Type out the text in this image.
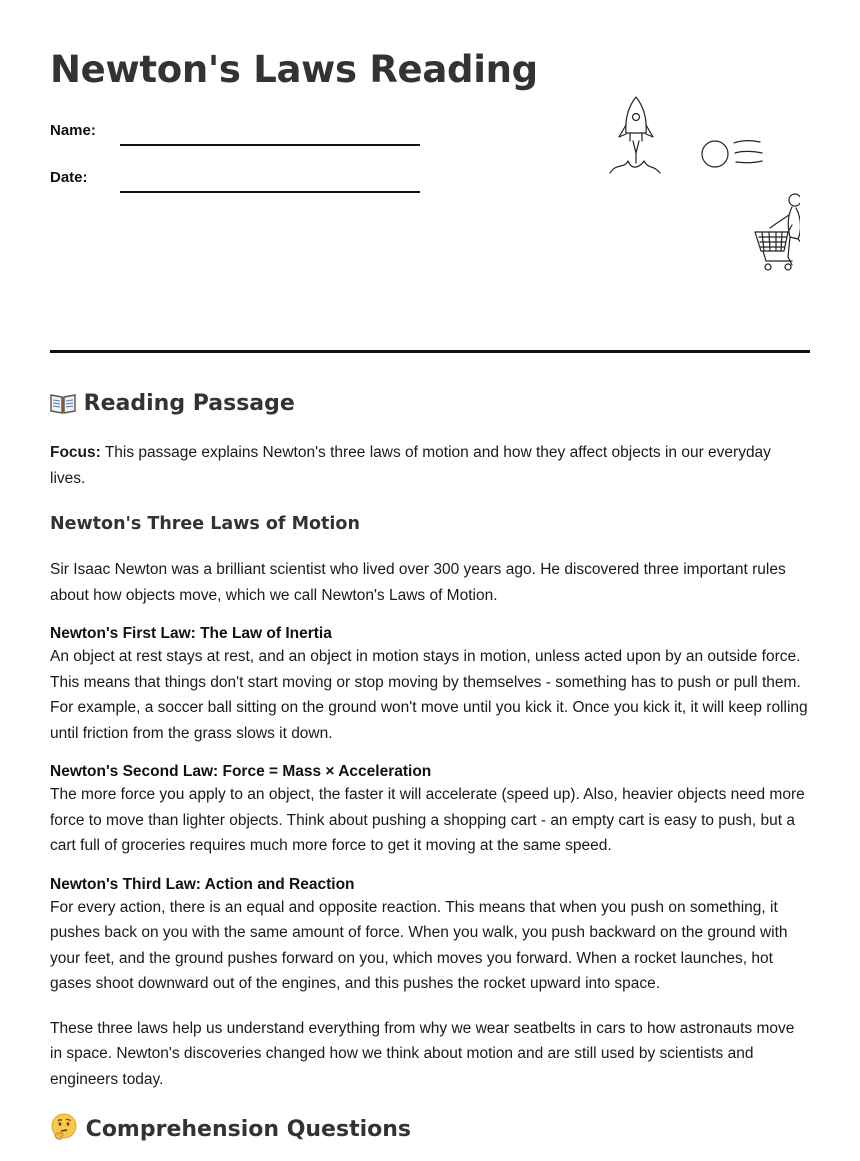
Newton's Laws Reading
Name:
Date:
Reading Passage

Focus: This passage explains Newton's three laws of motion and how they affect objects in our everyday lives.

Newton's Three Laws of Motion

Sir Isaac Newton was a brilliant scientist who lived over 300 years ago. He discovered three important rules about how objects move, which we call Newton's Laws of Motion.

Newton's First Law: The Law of Inertia
An object at rest stays at rest, and an object in motion stays in motion, unless acted upon by an outside force. This means that things don't start moving or stop moving by themselves - something has to push or pull them. For example, a soccer ball sitting on the ground won't move until you kick it. Once you kick it, it will keep rolling until friction from the grass slows it down.
Newton's Second Law: Force = Mass × Acceleration
The more force you apply to an object, the faster it will accelerate (speed up). Also, heavier objects need more force to move than lighter objects. Think about pushing a shopping cart - an empty cart is easy to push, but a cart full of groceries requires much more force to get it moving at the same speed.
Newton's Third Law: Action and Reaction
For every action, there is an equal and opposite reaction. This means that when you push on something, it pushes back on you with the same amount of force. When you walk, you push backward on the ground with your feet, and the ground pushes forward on you, which moves you forward. When a rocket launches, hot gases shoot downward out of the engines, and this pushes the rocket upward into space.

These three laws help us understand everything from why we wear seatbelts in cars to how astronauts move in space. Newton's discoveries changed how we think about motion and are still used by scientists and engineers today.

Comprehension Questions
